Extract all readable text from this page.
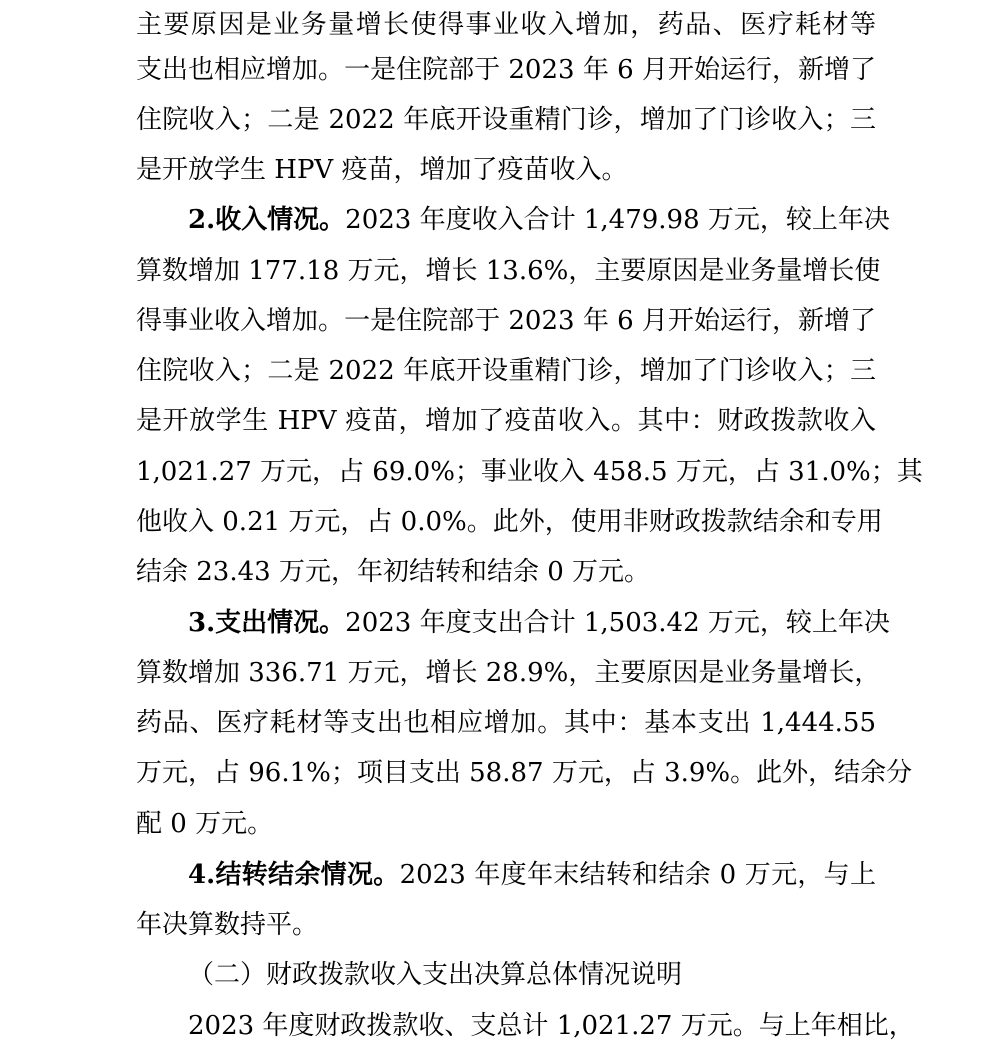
主要原因是业务量增长使得事业收入增加，药品、医疗耗材等
支出也相应增加。一是住院部于 2023 年 6 月开始运行，新增了
住院收入；二是 2022 年底开设重精门诊，增加了门诊收入；三
是开放学生 HPV 疫苗，增加了疫苗收入。
2.收入情况。2023 年度收入合计 1,479.98 万元，较上年决
算数增加 177.18 万元，增长 13.6%，主要原因是业务量增长使
得事业收入增加。一是住院部于 2023 年 6 月开始运行，新增了
住院收入；二是 2022 年底开设重精门诊，增加了门诊收入；三
是开放学生 HPV 疫苗，增加了疫苗收入。其中：财政拨款收入
1,021.27 万元，占 69.0%；事业收入 458.5 万元，占 31.0%；其
他收入 0.21 万元，占 0.0%。此外，使用非财政拨款结余和专用
结余 23.43 万元，年初结转和结余 0 万元。
3.支出情况。2023 年度支出合计 1,503.42 万元，较上年决
算数增加 336.71 万元，增长 28.9%，主要原因是业务量增长，
药品、医疗耗材等支出也相应增加。其中：基本支出 1,444.55
万元，占 96.1%；项目支出 58.87 万元，占 3.9%。此外，结余分
配 0 万元。
4.结转结余情况。2023 年度年末结转和结余 0 万元，与上
年决算数持平。
（二）财政拨款收入支出决算总体情况说明
2023 年度财政拨款收、支总计 1,021.27 万元。与上年相比，
